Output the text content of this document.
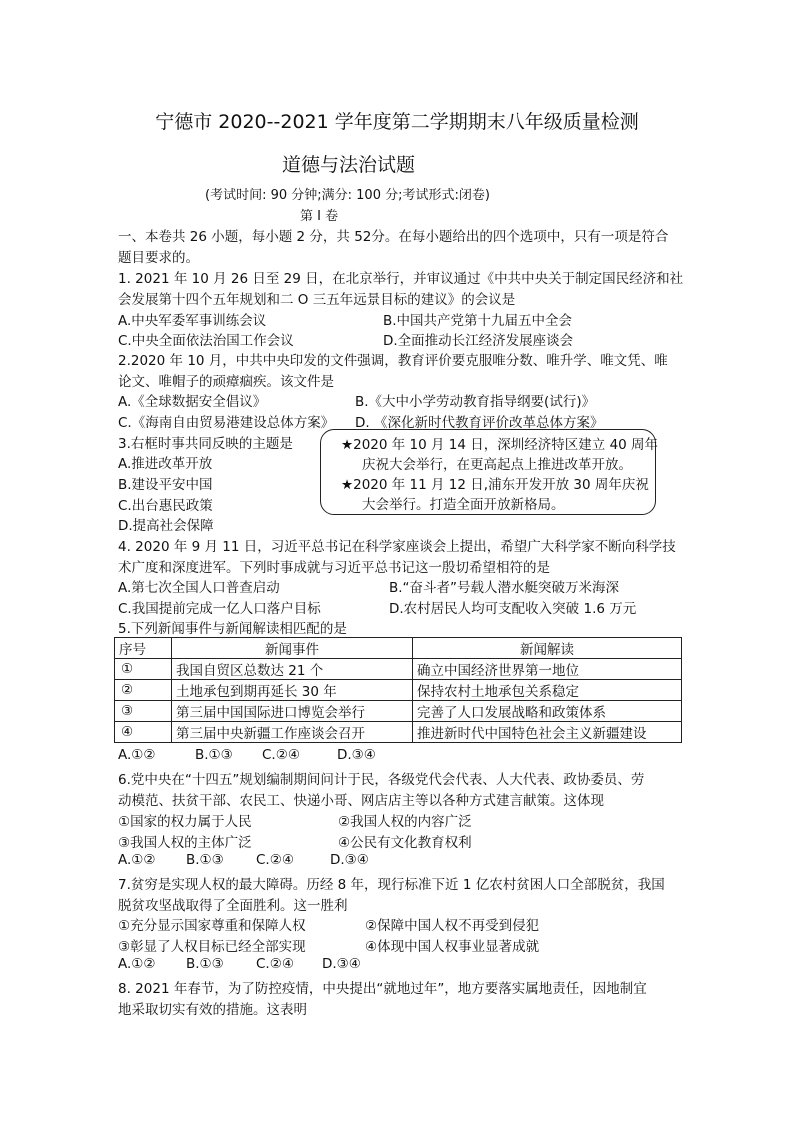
宁德市 2020--2021 学年度第二学期期末八年级质量检测
道德与法治试题
(考试时间: 90 分钟;满分: 100 分;考试形式:闭卷)
第 I 卷
一、本卷共 26 小题，每小题 2 分，共 52分。在每小题给出的四个选项中，只有一项是符合
题目要求的。
1. 2021 年 10 月 26 日至 29 日，在北京举行，并审议通过《中共中央关于制定国民经济和社
会发展第十四个五年规划和二 O 三五年远景目标的建议》的会议是
A.中央军委军事训练会议	B.中国共产党第十九届五中全会
C.中央全面依法治国工作会议	D.全面推动长江经济发展座谈会
2.2020 年 10 月，中共中央印发的文件强调，教育评价要克服唯分数、唯升学、唯文凭、唯
论文、唯帽子的顽瘴痼疾。该文件是
A.《全球数据安全倡议》	B.《大中小学劳动教育指导纲要(试行)》
C.《海南自由贸易港建设总体方案》 D. 《深化新时代教育评价改革总体方案》
3.右框时事共同反映的主题是
A.推进改革开放
B.建设平安中国
C.出台惠民政策
D.提高社会保障
★2020 年 10 月 14 日，深圳经济特区建立 40 周年
庆祝大会举行，在更高起点上推进改革开放。
★2020 年 11 月 12 日,浦东开发开放 30 周年庆祝
大会举行。打造全面开放新格局。
4. 2020 年 9 月 11 日，习近平总书记在科学家座谈会上提出，希望广大科学家不断向科学技
术广度和深度进军。下列时事成就与习近平总书记这一殷切希望相符的是
A.第七次全国人口普查启动	B.“奋斗者”号载人潜水艇突破万米海深
C.我国提前完成一亿人口落户目标	D.农村居民人均可支配收入突破 1.6 万元
5.下列新闻事件与新闻解读相匹配的是
序号	新闻事件	新闻解读
①	我国自贸区总数达 21 个	确立中国经济世界第一地位
②	土地承包到期再延长 30 年	保持农村土地承包关系稳定
③	第三届中国国际进口博览会举行	完善了人口发展战略和政策体系
④	第三届中央新疆工作座谈会召开	推进新时代中国特色社会主义新疆建设
A.①②	B.①③ C.②④	D.③④
6.党中央在“十四五”规划编制期间问计于民，各级党代会代表、人大代表、政协委员、劳
动模范、扶贫干部、农民工、快递小哥、网店店主等以各种方式建言献策。这体现
①国家的权力属于人民	②我国人权的内容广泛
③我国人权的主体广泛	④公民有文化教育权利
A.①② B.①③ C.②④	D.③④
7.贫穷是实现人权的最大障碍。历经 8 年，现行标准下近 1 亿农村贫困人口全部脱贫，我国
脱贫攻坚战取得了全面胜利。这一胜利
①充分显示国家尊重和保障人权	②保障中国人权不再受到侵犯
③彰显了人权目标已经全部实现	④体现中国人权事业显著成就
A.①② B.①③ C.②④ D.③④
8. 2021 年春节，为了防控疫情，中央提出“就地过年”，地方要落实属地责任，因地制宜
地采取切实有效的措施。这表明
